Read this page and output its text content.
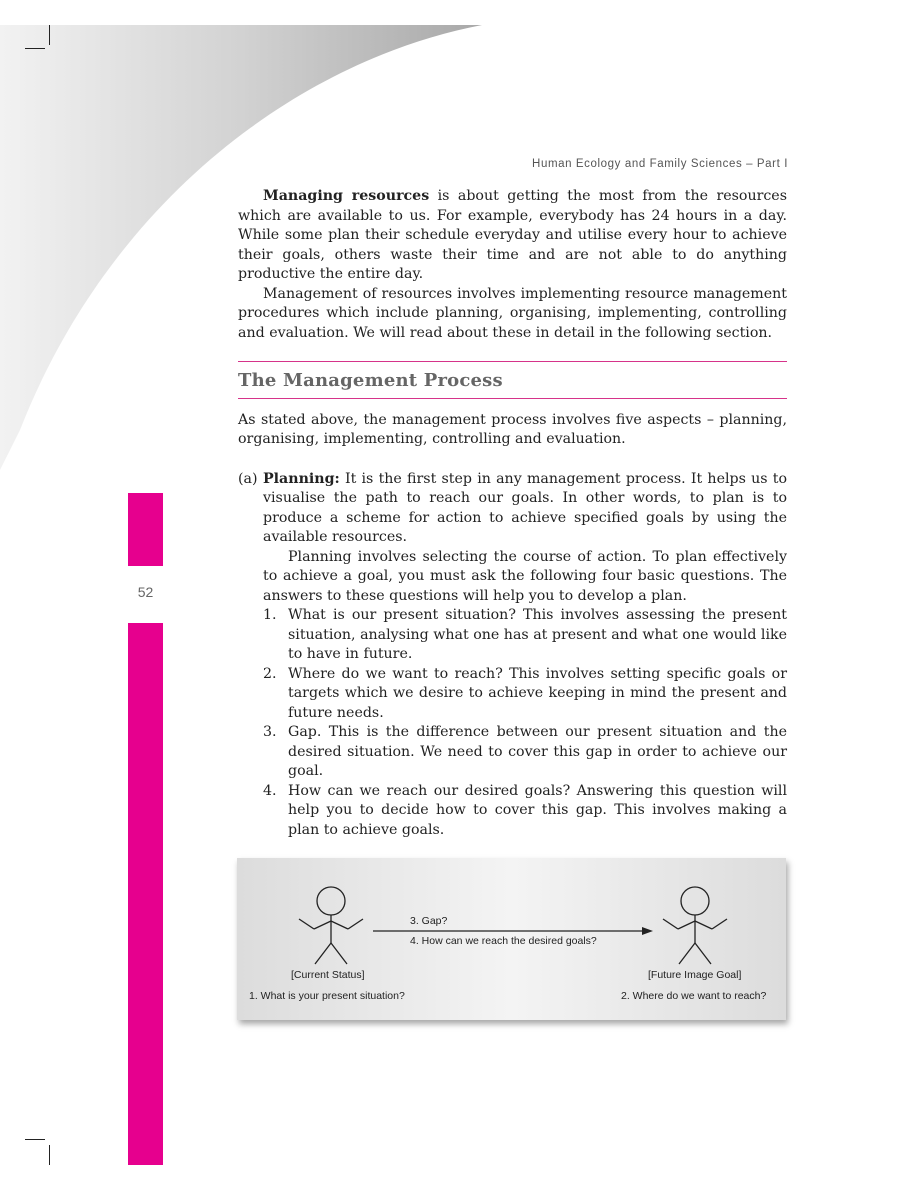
Human Ecology and Family Sciences – Part I
52

Managing resources is about getting the most from the resources which are available to us. For example, everybody has 24 hours in a day. While some plan their schedule everyday and utilise every hour to achieve their goals, others waste their time and are not able to do anything productive the entire day.

Management of resources involves implementing resource management procedures which include planning, organising, implementing, controlling and evaluation. We will read about these in detail in the following section.

The Management Process

As stated above, the management process involves five aspects – planning, organising, implementing, controlling and evaluation.

(a) Planning: It is the first step in any management process. It helps us to visualise the path to reach our goals. In other words, to plan is to produce a scheme for action to achieve specified goals by using the available resources.

Planning involves selecting the course of action. To plan effectively to achieve a goal, you must ask the following four basic questions. The answers to these questions will help you to develop a plan.

1. What is our present situation? This involves assessing the present situation, analysing what one has at present and what one would like to have in future.
2. Where do we want to reach? This involves setting specific goals or targets which we desire to achieve keeping in mind the present and future needs.
3. Gap. This is the difference between our present situation and the desired situation. We need to cover this gap in order to achieve our goal.
4. How can we reach our desired goals? Answering this question will help you to decide how to cover this gap. This involves making a plan to achieve goals.
3. Gap?
4. How can we reach the desired goals?
[Current Status]
1. What is your present situation?
[Future Image Goal]
2. Where do we want to reach?
